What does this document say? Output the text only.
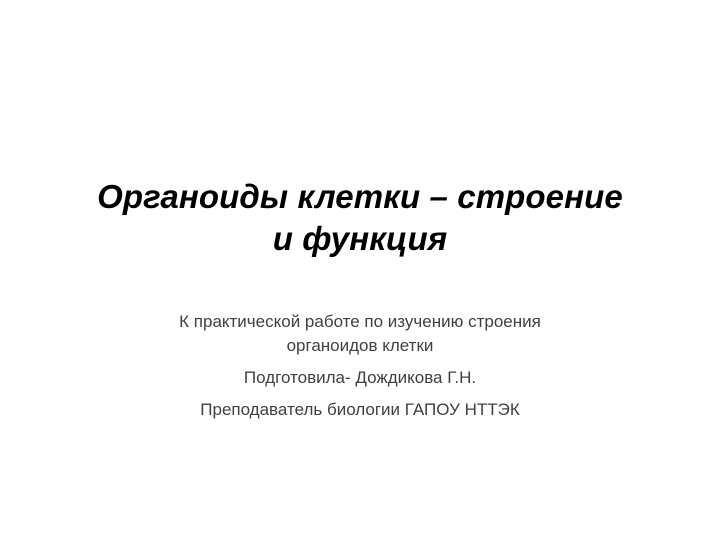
Органоиды клетки – строение
и функция
К практической работе по изучению строения
органоидов клетки
Подготовила- Дождикова Г.Н.
Преподаватель биологии ГАПОУ НТТЭК
